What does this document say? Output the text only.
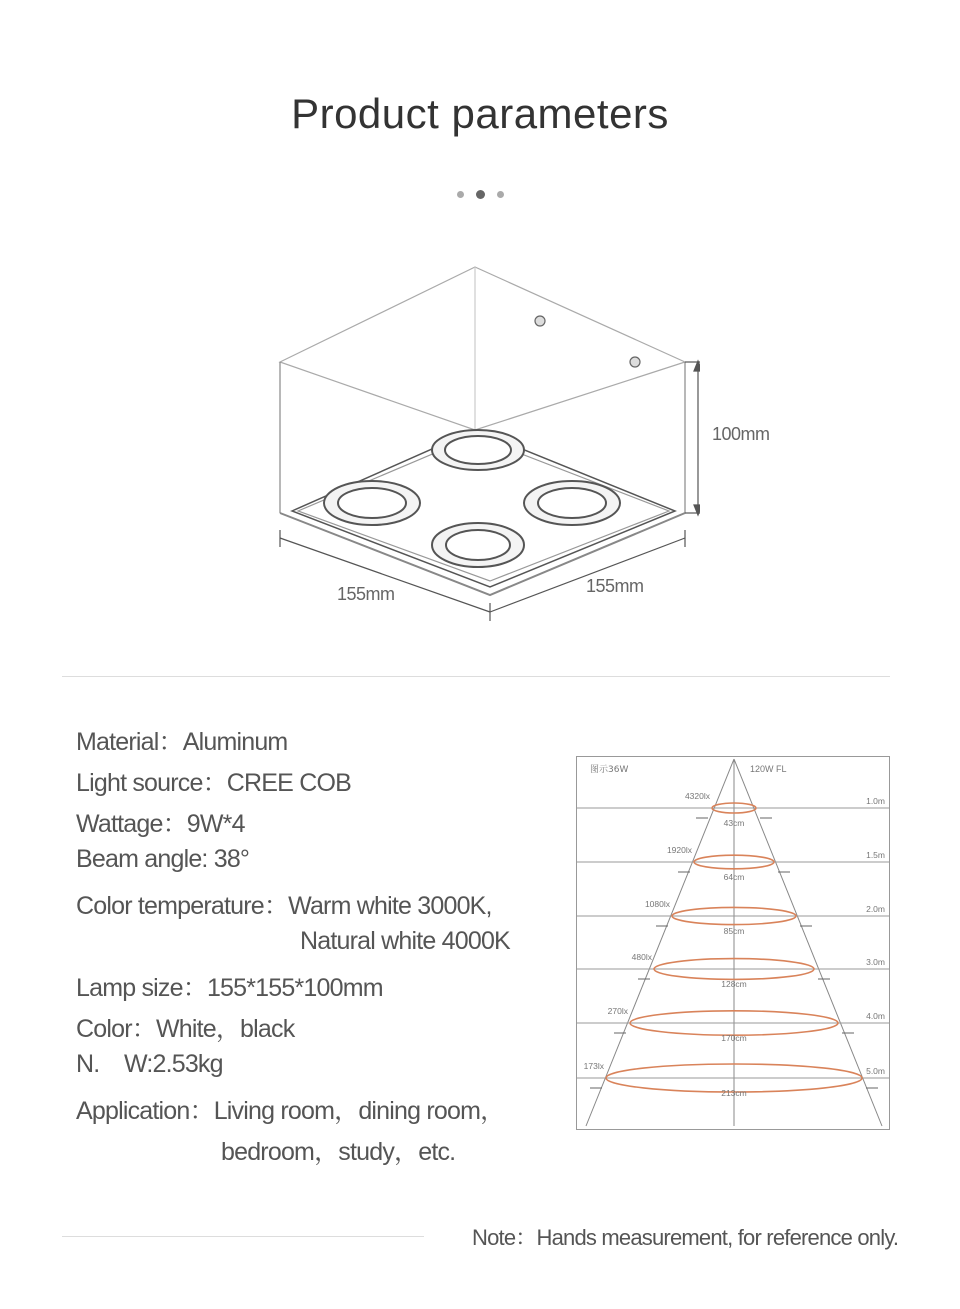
Product parameters
100mm
155mm	155mm
Material：Aluminum
Light source：CREE COB
Wattage：9W*4
Beam angle: 38°
Color temperature：Warm white 3000K,
Natural white 4000K
Lamp size：155*155*100mm
Color：White，black
N.    W:2.53kg
Application：Living room，dining room，
bedroom，study，etc.
图示36W	120W FL
4320lx
43cm
1.0m
1920lx
64cm
1.5m
1080lx
85cm
2.0m
480lx
128cm
3.0m
270lx
170cm
4.0m
173lx
213cm
5.0m
Note：Hands measurement, for reference only.
